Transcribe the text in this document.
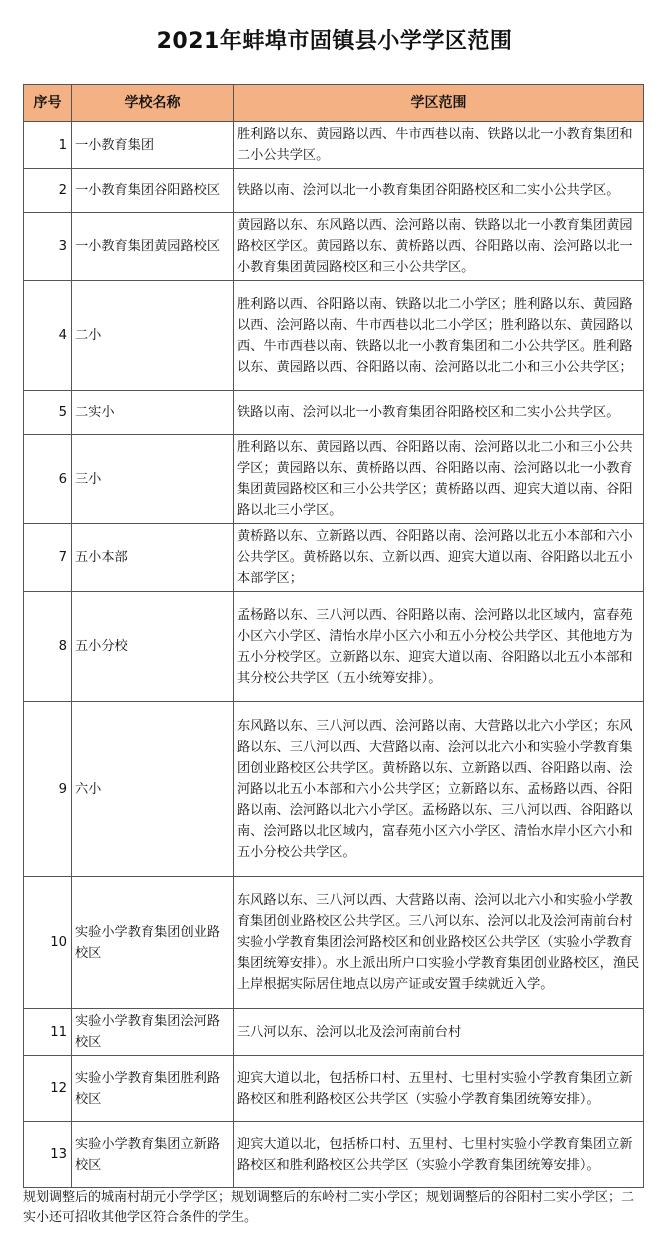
2021年蚌埠市固镇县小学学区范围
序号	学校名称	学区范围
1	一小教育集团	胜利路以东、黄园路以西、牛市西巷以南、铁路以北一小教育集团和二小公共学区。
2	一小教育集团谷阳路校区	铁路以南、浍河以北一小教育集团谷阳路校区和二实小公共学区。
3	一小教育集团黄园路校区	黄园路以东、东风路以西、浍河路以南、铁路以北一小教育集团黄园路校区学区。黄园路以东、黄桥路以西、谷阳路以南、浍河路以北一小教育集团黄园路校区和三小公共学区。
4	二小	胜利路以西、谷阳路以南、铁路以北二小学区；胜利路以东、黄园路以西、浍河路以南、牛市西巷以北二小学区；胜利路以东、黄园路以西、牛市西巷以南、铁路以北一小教育集团和二小公共学区。胜利路以东、黄园路以西、谷阳路以南、浍河路以北二小和三小公共学区；
5	二实小	铁路以南、浍河以北一小教育集团谷阳路校区和二实小公共学区。
6	三小	胜利路以东、黄园路以西、谷阳路以南、浍河路以北二小和三小公共学区；黄园路以东、黄桥路以西、谷阳路以南、浍河路以北一小教育集团黄园路校区和三小公共学区；黄桥路以西、迎宾大道以南、谷阳路以北三小学区。
7	五小本部	黄桥路以东、立新路以西、谷阳路以南、浍河路以北五小本部和六小公共学区。黄桥路以东、立新以西、迎宾大道以南、谷阳路以北五小本部学区；
8	五小分校	孟杨路以东、三八河以西、谷阳路以南、浍河路以北区域内，富春苑小区六小学区、清怡水岸小区六小和五小分校公共学区、其他地方为五小分校学区。立新路以东、迎宾大道以南、谷阳路以北五小本部和其分校公共学区（五小统筹安排）。
9	六小	东风路以东、三八河以西、浍河路以南、大营路以北六小学区；东风路以东、三八河以西、大营路以南、浍河以北六小和实验小学教育集团创业路校区公共学区。黄桥路以东、立新路以西、谷阳路以南、浍河路以北五小本部和六小公共学区；立新路以东、孟杨路以西、谷阳路以南、浍河路以北六小学区。孟杨路以东、三八河以西、谷阳路以南、浍河路以北区域内，富春苑小区六小学区、清怡水岸小区六小和五小分校公共学区。
10	实验小学教育集团创业路校区	东风路以东、三八河以西、大营路以南、浍河以北六小和实验小学教育集团创业路校区公共学区。三八河以东、浍河以北及浍河南前台村实验小学教育集团浍河路校区和创业路校区公共学区（实验小学教育集团统筹安排）。水上派出所户口实验小学教育集团创业路校区，渔民上岸根据实际居住地点以房产证或安置手续就近入学。
11	实验小学教育集团浍河路校区	三八河以东、浍河以北及浍河南前台村
12	实验小学教育集团胜利路校区	迎宾大道以北，包括桥口村、五里村、七里村实验小学教育集团立新路校区和胜利路校区公共学区（实验小学教育集团统筹安排）。
13	实验小学教育集团立新路校区	迎宾大道以北，包括桥口村、五里村、七里村实验小学教育集团立新路校区和胜利路校区公共学区（实验小学教育集团统筹安排）。
规划调整后的城南村胡元小学学区；规划调整后的东岭村二实小学区；规划调整后的谷阳村二实小学区；二实小还可招收其他学区符合条件的学生。
